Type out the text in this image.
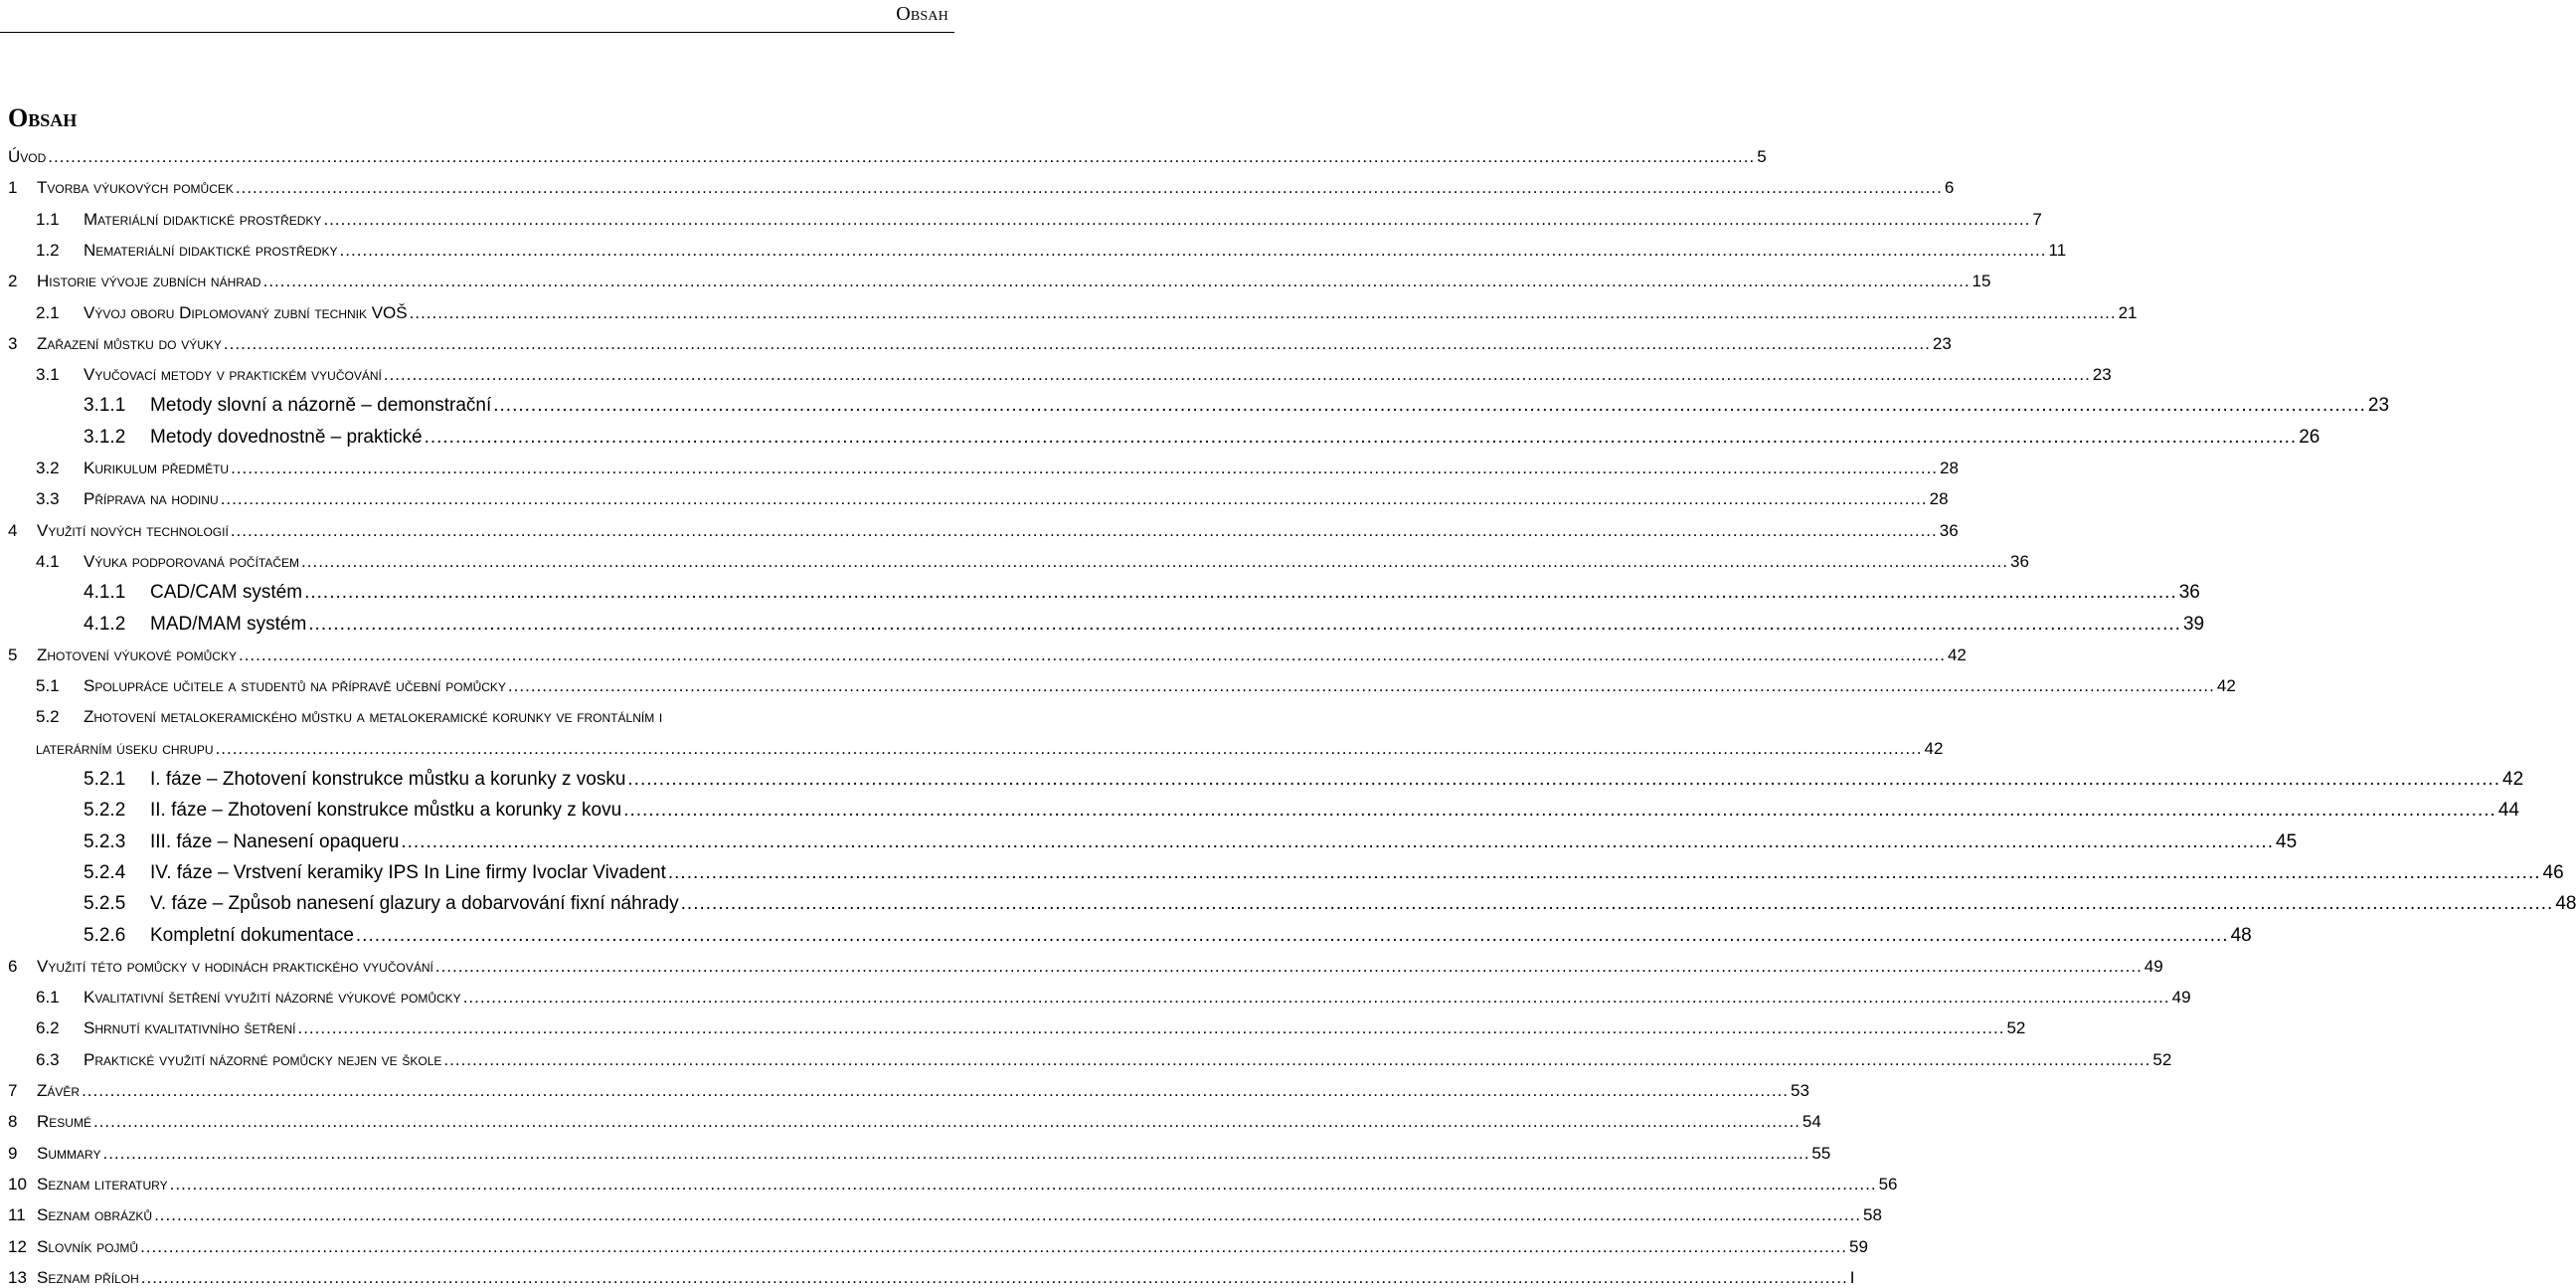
Obsah
Obsah
Úvod ............................................................................................................................................................................................................................................................................................................ 5
1	Tvorba výukových pomůcek ............................................................................................................................................................................................................................................................................................................ 6
1.1	Materiální didaktické prostředky ............................................................................................................................................................................................................................................................................................................ 7
1.2	Nemateriální didaktické prostředky ............................................................................................................................................................................................................................................................................................................ 11
2	Historie vývoje zubních náhrad ............................................................................................................................................................................................................................................................................................................ 15
2.1	Vývoj oboru Diplomovaný zubní technik VOŠ ............................................................................................................................................................................................................................................................................................................ 21
3	Zařazení můstku do výuky ............................................................................................................................................................................................................................................................................................................ 23
3.1	Vyučovací metody v praktickém vyučování ............................................................................................................................................................................................................................................................................................................ 23
3.1.1	Metody slovní a názorně – demonstrační ............................................................................................................................................................................................................................................................................................................ 23
3.1.2	Metody dovednostně – praktické ............................................................................................................................................................................................................................................................................................................ 26
3.2	Kurikulum předmětu ............................................................................................................................................................................................................................................................................................................ 28
3.3	Příprava na hodinu ............................................................................................................................................................................................................................................................................................................ 28
4	Využití nových technologií ............................................................................................................................................................................................................................................................................................................ 36
4.1	Výuka podporovaná počítačem ............................................................................................................................................................................................................................................................................................................ 36
4.1.1	CAD/CAM systém ............................................................................................................................................................................................................................................................................................................ 36
4.1.2	MAD/MAM systém ............................................................................................................................................................................................................................................................................................................ 39
5	Zhotovení výukové pomůcky ............................................................................................................................................................................................................................................................................................................ 42
5.1	Spolupráce učitele a studentů na přípravě učební pomůcky ............................................................................................................................................................................................................................................................................................................ 42
5.2	Zhotovení metalokeramického můstku a metalokeramické korunky ve frontálním i
laterárním úseku chrupu ............................................................................................................................................................................................................................................................................................................ 42
5.2.1	I. fáze – Zhotovení konstrukce můstku a korunky z vosku ............................................................................................................................................................................................................................................................................................................ 42
5.2.2	II. fáze – Zhotovení konstrukce můstku a korunky z kovu ............................................................................................................................................................................................................................................................................................................ 44
5.2.3	III. fáze – Nanesení opaqueru ............................................................................................................................................................................................................................................................................................................ 45
5.2.4	IV. fáze – Vrstvení keramiky IPS In Line firmy Ivoclar Vivadent ............................................................................................................................................................................................................................................................................................................ 46
5.2.5	V. fáze – Způsob nanesení glazury a dobarvování fixní náhrady ............................................................................................................................................................................................................................................................................................................ 48
5.2.6	Kompletní dokumentace ............................................................................................................................................................................................................................................................................................................ 48
6	Využití této pomůcky v hodinách praktického vyučování ............................................................................................................................................................................................................................................................................................................ 49
6.1	Kvalitativní šetření využití názorné výukové pomůcky ............................................................................................................................................................................................................................................................................................................ 49
6.2	Shrnutí kvalitativního šetření ............................................................................................................................................................................................................................................................................................................ 52
6.3	Praktické využití názorné pomůcky nejen ve škole ............................................................................................................................................................................................................................................................................................................ 52
7	Závěr ............................................................................................................................................................................................................................................................................................................ 53
8	Resumé ............................................................................................................................................................................................................................................................................................................ 54
9	Summary ............................................................................................................................................................................................................................................................................................................ 55
10 Seznam literatury ............................................................................................................................................................................................................................................................................................................ 56
11 Seznam obrázků ............................................................................................................................................................................................................................................................................................................ 58
12 Slovník pojmů ............................................................................................................................................................................................................................................................................................................ 59
13 Seznam příloh ............................................................................................................................................................................................................................................................................................................ I
